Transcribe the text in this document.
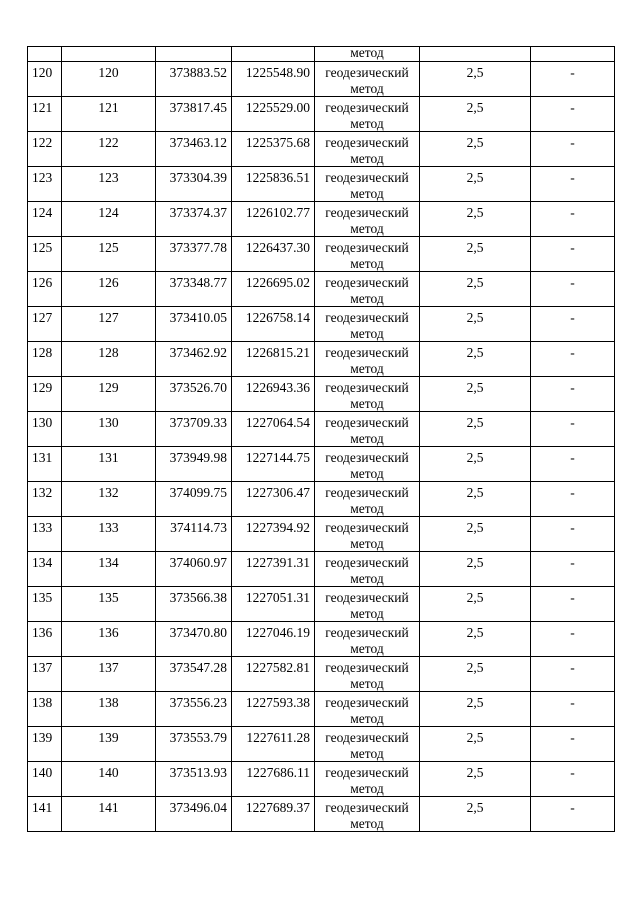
				метод		
120	120	373883.52	1225548.90	геодезический
метод	2,5	-
121	121	373817.45	1225529.00	геодезический
метод	2,5	-
122	122	373463.12	1225375.68	геодезический
метод	2,5	-
123	123	373304.39	1225836.51	геодезический
метод	2,5	-
124	124	373374.37	1226102.77	геодезический
метод	2,5	-
125	125	373377.78	1226437.30	геодезический
метод	2,5	-
126	126	373348.77	1226695.02	геодезический
метод	2,5	-
127	127	373410.05	1226758.14	геодезический
метод	2,5	-
128	128	373462.92	1226815.21	геодезический
метод	2,5	-
129	129	373526.70	1226943.36	геодезический
метод	2,5	-
130	130	373709.33	1227064.54	геодезический
метод	2,5	-
131	131	373949.98	1227144.75	геодезический
метод	2,5	-
132	132	374099.75	1227306.47	геодезический
метод	2,5	-
133	133	374114.73	1227394.92	геодезический
метод	2,5	-
134	134	374060.97	1227391.31	геодезический
метод	2,5	-
135	135	373566.38	1227051.31	геодезический
метод	2,5	-
136	136	373470.80	1227046.19	геодезический
метод	2,5	-
137	137	373547.28	1227582.81	геодезический
метод	2,5	-
138	138	373556.23	1227593.38	геодезический
метод	2,5	-
139	139	373553.79	1227611.28	геодезический
метод	2,5	-
140	140	373513.93	1227686.11	геодезический
метод	2,5	-
141	141	373496.04	1227689.37	геодезический
метод	2,5	-
